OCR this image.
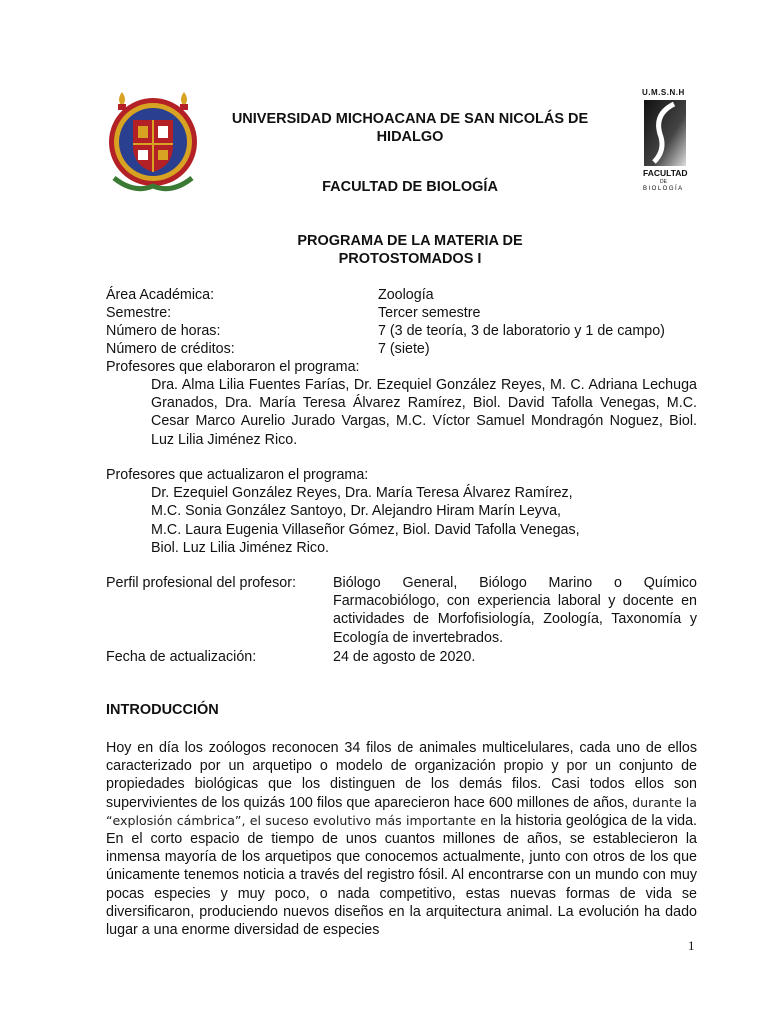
U.M.S.N.H
FACULTAD
DE
BIOLOGÍA
UNIVERSIDAD MICHOACANA DE SAN NICOLÁS DE
HIDALGO
FACULTAD DE BIOLOGÍA
PROGRAMA DE LA MATERIA DE
PROTOSTOMADOS I
Área Académica:	Zoología
Semestre:	Tercer semestre
Número de horas:	7 (3 de teoría, 3 de laboratorio y 1 de campo)
Número de créditos:	7 (siete)
Profesores que elaboraron el programa:

Dra. Alma Lilia Fuentes Farías, Dr. Ezequiel González Reyes, M. C. Adriana Lechuga Granados, Dra. María Teresa Álvarez Ramírez, Biol. David Tafolla Venegas, M.C. Cesar Marco Aurelio Jurado Vargas, M.C. Víctor Samuel Mondragón Noguez, Biol. Luz Lilia Jiménez Rico.

Profesores que actualizaron el programa:
Dr. Ezequiel González Reyes, Dra. María Teresa Álvarez Ramírez,
M.C. Sonia González Santoyo, Dr. Alejandro Hiram Marín Leyva,
M.C. Laura Eugenia Villaseñor Gómez, Biol. David Tafolla Venegas,
Biol. Luz Lilia Jiménez Rico.
Perfil profesional del profesor:	Biólogo General, Biólogo Marino o Químico Farmacobiólogo, con experiencia laboral y docente en actividades de Morfofisiología, Zoología, Taxonomía y Ecología de invertebrados.

Fecha de actualización:	24 de agosto de 2020.
INTRODUCCIÓN

Hoy en día los zoólogos reconocen 34 filos de animales multicelulares, cada uno de ellos caracterizado por un arquetipo o modelo de organización propio y por un conjunto de propiedades biológicas que los distinguen de los demás filos. Casi todos ellos son supervivientes de los quizás 100 filos que aparecieron hace 600 millones de años, durante la “explosión cámbrica”, el suceso evolutivo más importante en la historia geológica de la vida. En el corto espacio de tiempo de unos cuantos millones de años, se establecieron la inmensa mayoría de los arquetipos que conocemos actualmente, junto con otros de los que únicamente tenemos noticia a través del registro fósil. Al encontrarse con un mundo con muy pocas especies y muy poco, o nada competitivo, estas nuevas formas de vida se diversificaron, produciendo nuevos diseños en la arquitectura animal. La evolución ha dado lugar a una enorme diversidad de especies

1
